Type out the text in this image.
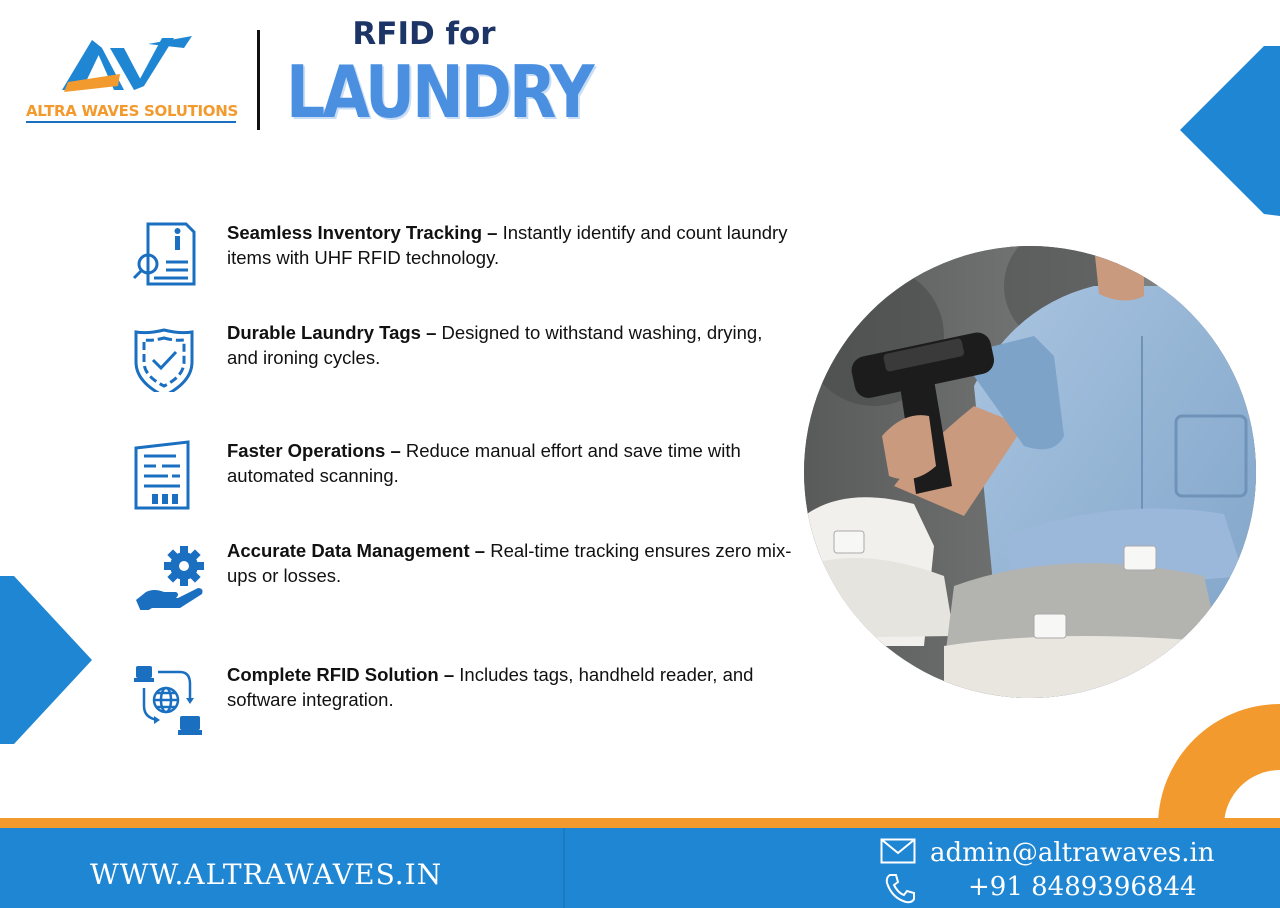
ALTRA WAVES SOLUTIONS
RFID for
LAUNDRY
Seamless Inventory Tracking – Instantly identify and count laundry items with UHF RFID technology.
Durable Laundry Tags – Designed to withstand washing, drying, and ironing cycles.
Faster Operations – Reduce manual effort and save time with automated scanning.
Accurate Data Management – Real-time tracking ensures zero mix-ups or losses.
Complete RFID Solution – Includes tags, handheld reader, and software integration.
WWW.ALTRAWAVES.IN
admin@altrawaves.in
+91 8489396844
